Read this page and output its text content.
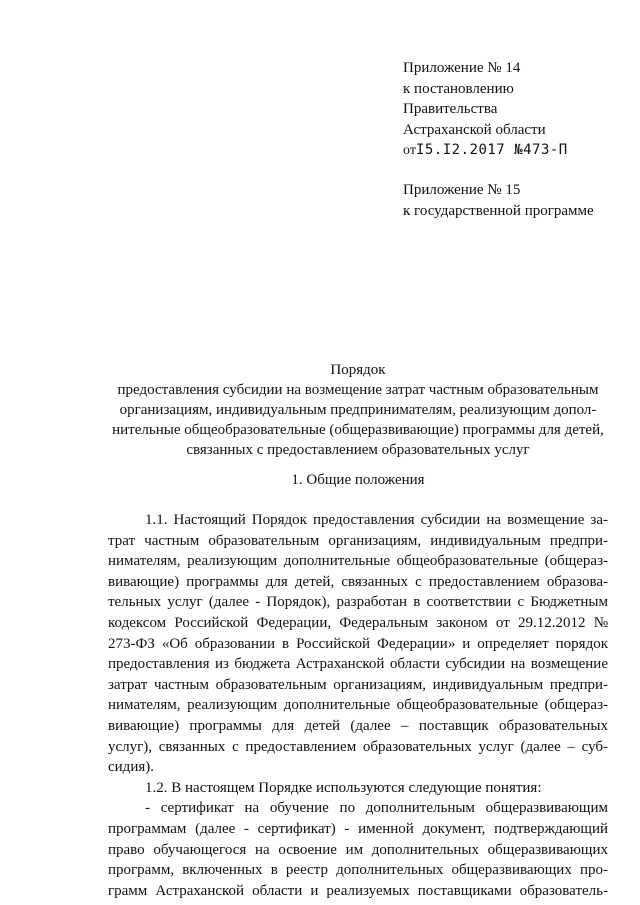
Приложение № 14
к постановлению
Правительства
Астраханской области
отI5.I2.2017 №473-П
Приложение № 15
к государственной программе
Порядок
предоставления субсидии на возмещение затрат частным образовательным
организациям, индивидуальным предпринимателям, реализующим допол-
нительные общеобразовательные (общеразвивающие) программы для детей,
связанных с предоставлением образовательных услуг
1. Общие положения
1.1. Настоящий Порядок предоставления субсидии на возмещение за-
трат частным образовательным организациям, индивидуальным предпри-
нимателям, реализующим дополнительные общеобразовательные (общераз-
вивающие) программы для детей, связанных с предоставлением образова-
тельных услуг (далее - Порядок), разработан в соответствии с Бюджетным
кодексом Российской Федерации, Федеральным законом от 29.12.2012 №
273-ФЗ «Об образовании в Российской Федерации» и определяет порядок
предоставления из бюджета Астраханской области субсидии на возмещение
затрат частным образовательным организациям, индивидуальным предпри-
нимателям, реализующим дополнительные общеобразовательные (общераз-
вивающие) программы для детей (далее – поставщик образовательных
услуг), связанных с предоставлением образовательных услуг (далее – суб-
сидия).
1.2. В настоящем Порядке используются следующие понятия:
- сертификат на обучение по дополнительным общеразвивающим
программам (далее - сертификат) - именной документ, подтверждающий
право обучающегося на освоение им дополнительных общеразвивающих
программ, включенных в реестр дополнительных общеразвивающих про-
грамм Астраханской области и реализуемых поставщиками образователь-
